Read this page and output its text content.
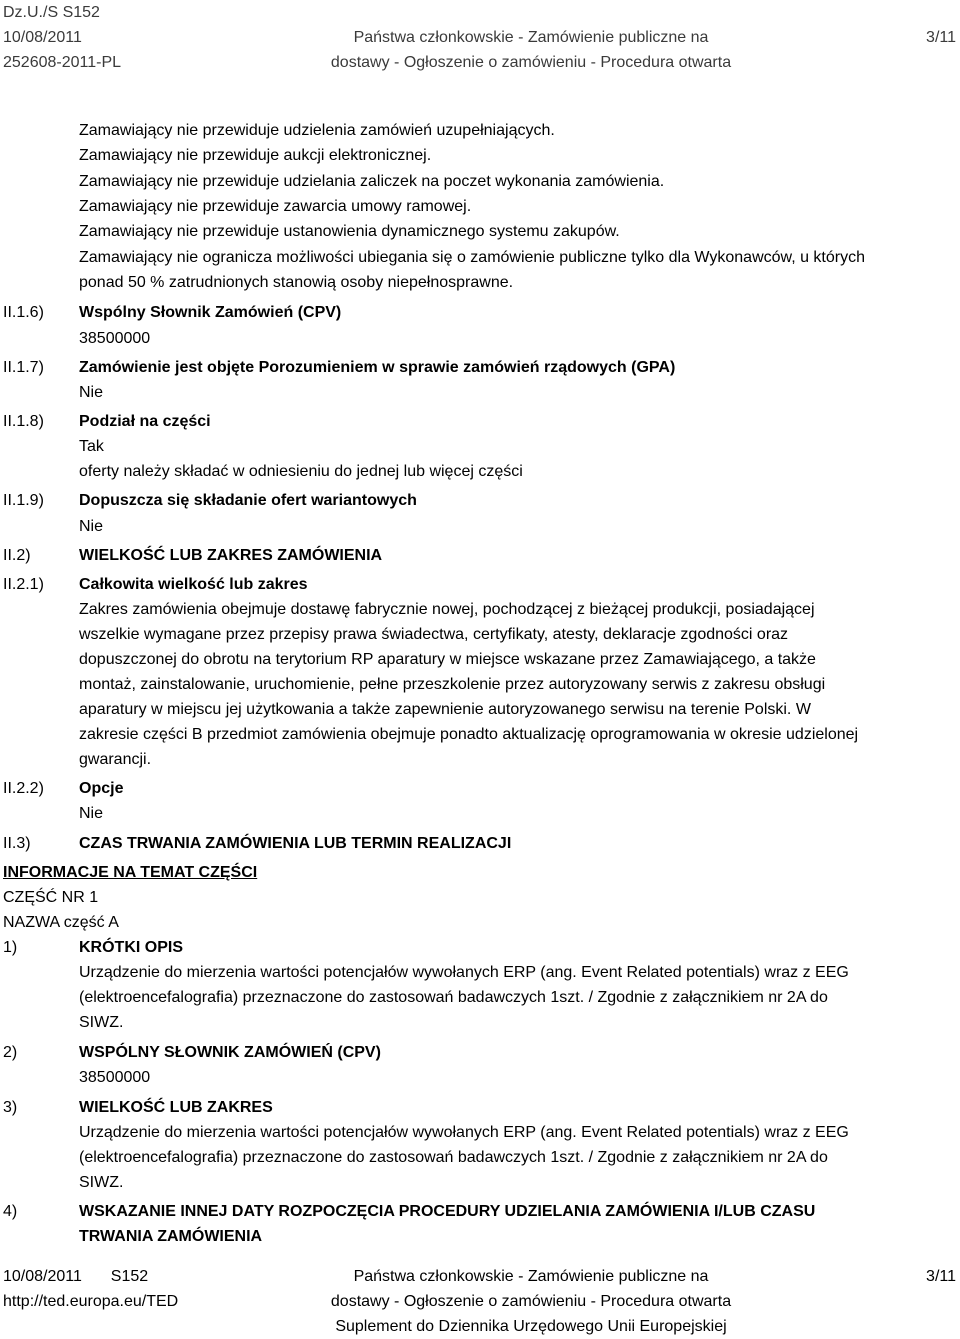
Dz.U./S S152
10/08/2011
252608-2011-PL
Państwa członkowskie - Zamówienie publiczne na
dostawy - Ogłoszenie o zamówieniu - Procedura otwarta
3/11
Zamawiający nie przewiduje udzielenia zamówień uzupełniających.
Zamawiający nie przewiduje aukcji elektronicznej.
Zamawiający nie przewiduje udzielania zaliczek na poczet wykonania zamówienia.
Zamawiający nie przewiduje zawarcia umowy ramowej.
Zamawiający nie przewiduje ustanowienia dynamicznego systemu zakupów.
Zamawiający nie ogranicza możliwości ubiegania się o zamówienie publiczne tylko dla Wykonawców, u których
ponad 50 % zatrudnionych stanowią osoby niepełnosprawne.
II.1.6) Wspólny Słownik Zamówień (CPV)
38500000
II.1.7) Zamówienie jest objęte Porozumieniem w sprawie zamówień rządowych (GPA)
Nie
II.1.8) Podział na części
Tak
oferty należy składać w odniesieniu do jednej lub więcej części
II.1.9) Dopuszcza się składanie ofert wariantowych
Nie
II.2)	WIELKOŚĆ LUB ZAKRES ZAMÓWIENIA
II.2.1) Całkowita wielkość lub zakres
Zakres zamówienia obejmuje dostawę fabrycznie nowej, pochodzącej z bieżącej produkcji, posiadającej
wszelkie wymagane przez przepisy prawa świadectwa, certyfikaty, atesty, deklaracje zgodności oraz
dopuszczonej do obrotu na terytorium RP aparatury w miejsce wskazane przez Zamawiającego, a także
montaż, zainstalowanie, uruchomienie, pełne przeszkolenie przez autoryzowany serwis z zakresu obsługi
aparatury w miejscu jej użytkowania a także zapewnienie autoryzowanego serwisu na terenie Polski. W
zakresie części B przedmiot zamówienia obejmuje ponadto aktualizację oprogramowania w okresie udzielonej
gwarancji.
II.2.2) Opcje
Nie
II.3)	CZAS TRWANIA ZAMÓWIENIA LUB TERMIN REALIZACJI
INFORMACJE NA TEMAT CZĘŚCI
CZĘŚĆ NR 1
NAZWA część A
1)	KRÓTKI OPIS
Urządzenie do mierzenia wartości potencjałów wywołanych ERP (ang. Event Related potentials) wraz z EEG
(elektroencefalografia) przeznaczone do zastosowań badawczych 1szt. / Zgodnie z załącznikiem nr 2A do
SIWZ.
2)	WSPÓLNY SŁOWNIK ZAMÓWIEŃ (CPV)
38500000
3)	WIELKOŚĆ LUB ZAKRES
Urządzenie do mierzenia wartości potencjałów wywołanych ERP (ang. Event Related potentials) wraz z EEG
(elektroencefalografia) przeznaczone do zastosowań badawczych 1szt. / Zgodnie z załącznikiem nr 2A do
SIWZ.
4)	WSKAZANIE INNEJ DATY ROZPOCZĘCIA PROCEDURY UDZIELANIA ZAMÓWIENIA I/LUB CZASU
TRWANIA ZAMÓWIENIA
10/08/2011 S152
http://ted.europa.eu/TED
Państwa członkowskie - Zamówienie publiczne na
dostawy - Ogłoszenie o zamówieniu - Procedura otwarta
Suplement do Dziennika Urzędowego Unii Europejskiej
3/11
